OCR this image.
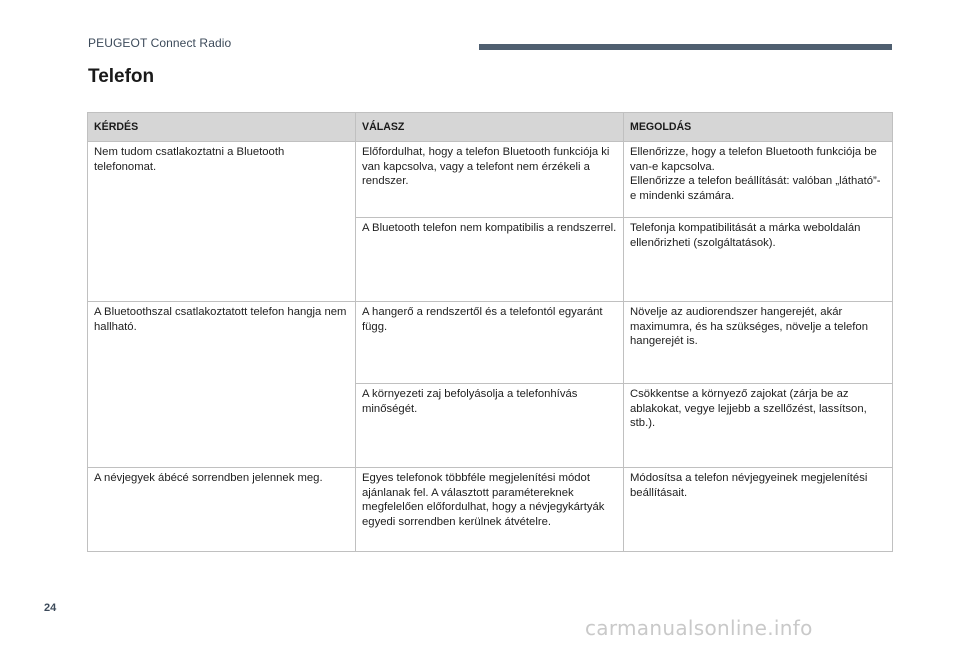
PEUGEOT Connect Radio
Telefon
KÉRDÉS	VÁLASZ	MEGOLDÁS
Nem tudom csatlakoztatni a Bluetooth telefonomat.	Előfordulhat, hogy a telefon Bluetooth funkciója ki van kapcsolva, vagy a telefont nem érzékeli a rendszer.	Ellenőrizze, hogy a telefon Bluetooth funkciója be van-e kapcsolva.
Ellenőrizze a telefon beállítását: valóban „látható”-e mindenki számára.

	A Bluetooth telefon nem kompatibilis a rendszerrel.	Telefonja kompatibilitását a márka weboldalán ellenőrizheti (szolgáltatások).

A Bluetoothszal csatlakoztatott telefon hangja nem hallható.	A hangerő a rendszertől és a telefontól egyaránt függ.	Növelje az audiorendszer hangerejét, akár maximumra, és ha szükséges, növelje a telefon hangerejét is.

	A környezeti zaj befolyásolja a telefonhívás minőségét.	Csökkentse a környező zajokat (zárja be az ablakokat, vegye lejjebb a szellőzést, lassítson, stb.).

A névjegyek ábécé sorrendben jelennek meg.	Egyes telefonok többféle megjelenítési módot ajánlanak fel. A választott paramétereknek megfelelően előfordulhat, hogy a névjegykártyák egyedi sorrendben kerülnek átvételre.	Módosítsa a telefon névjegyeinek megjelenítési beállításait.
24
carmanualsonline.info
